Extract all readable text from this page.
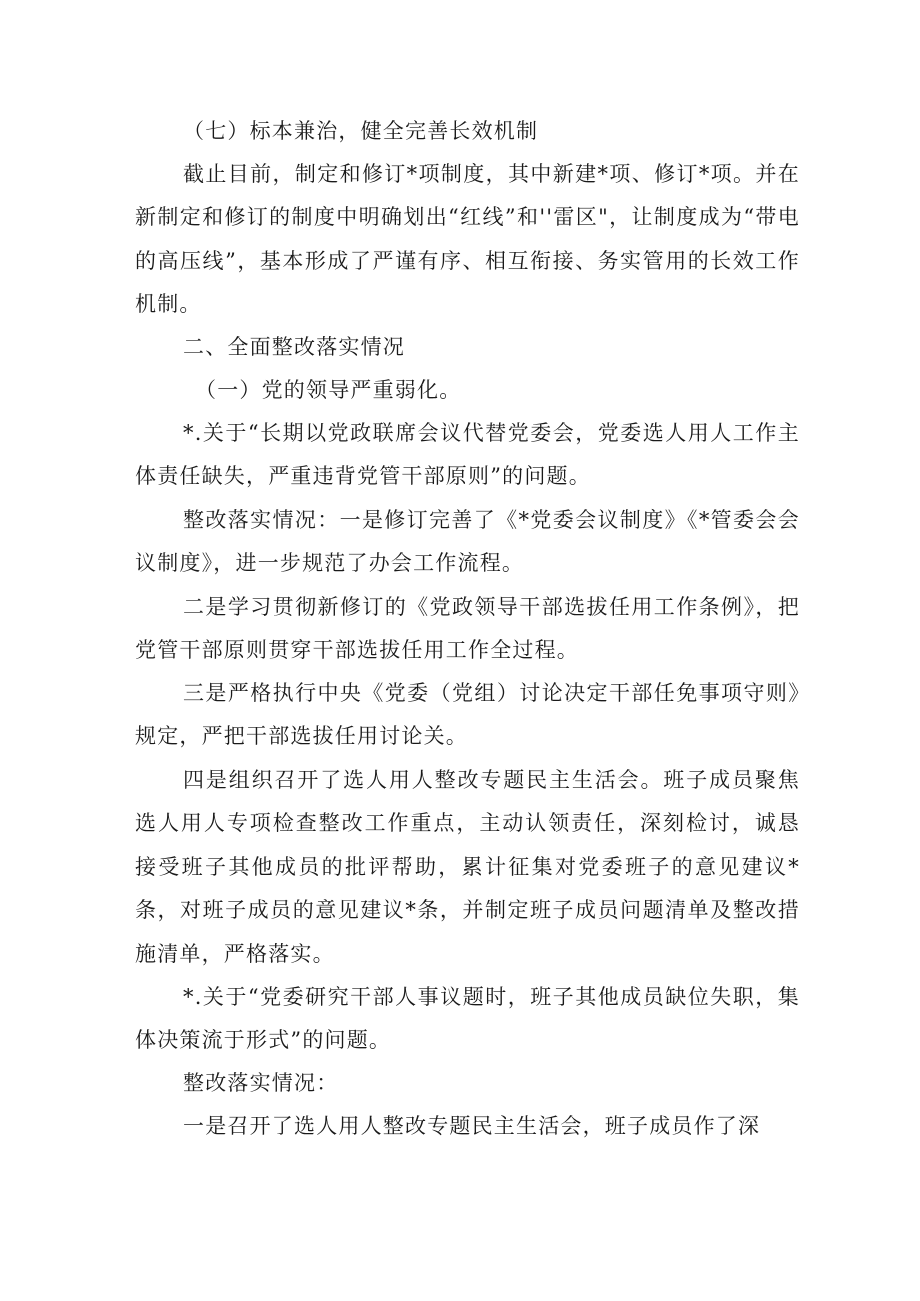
（七）标本兼治，健全完善长效机制

截止目前，制定和修订*项制度，其中新建*项、修订*项。并在新制定和修订的制度中明确划出“红线”和''雷区"，让制度成为“带电的高压线”，基本形成了严谨有序、相互衔接、务实管用的长效工作机制。

二、全面整改落实情况

（一）党的领导严重弱化。

*.关于“长期以党政联席会议代替党委会，党委选人用人工作主体责任缺失，严重违背党管干部原则”的问题。

整改落实情况：一是修订完善了《*党委会议制度》《*管委会会议制度》，进一步规范了办会工作流程。

二是学习贯彻新修订的《党政领导干部选拔任用工作条例》，把党管干部原则贯穿干部选拔任用工作全过程。

三是严格执行中央《党委（党组）讨论决定干部任免事项守则》规定，严把干部选拔任用讨论关。

四是组织召开了选人用人整改专题民主生活会。班子成员聚焦选人用人专项检查整改工作重点，主动认领责任，深刻检讨，诚恳接受班子其他成员的批评帮助，累计征集对党委班子的意见建议*条，对班子成员的意见建议*条，并制定班子成员问题清单及整改措施清单，严格落实。

*.关于“党委研究干部人事议题时，班子其他成员缺位失职，集体决策流于形式”的问题。

整改落实情况：

一是召开了选人用人整改专题民主生活会，班子成员作了深
